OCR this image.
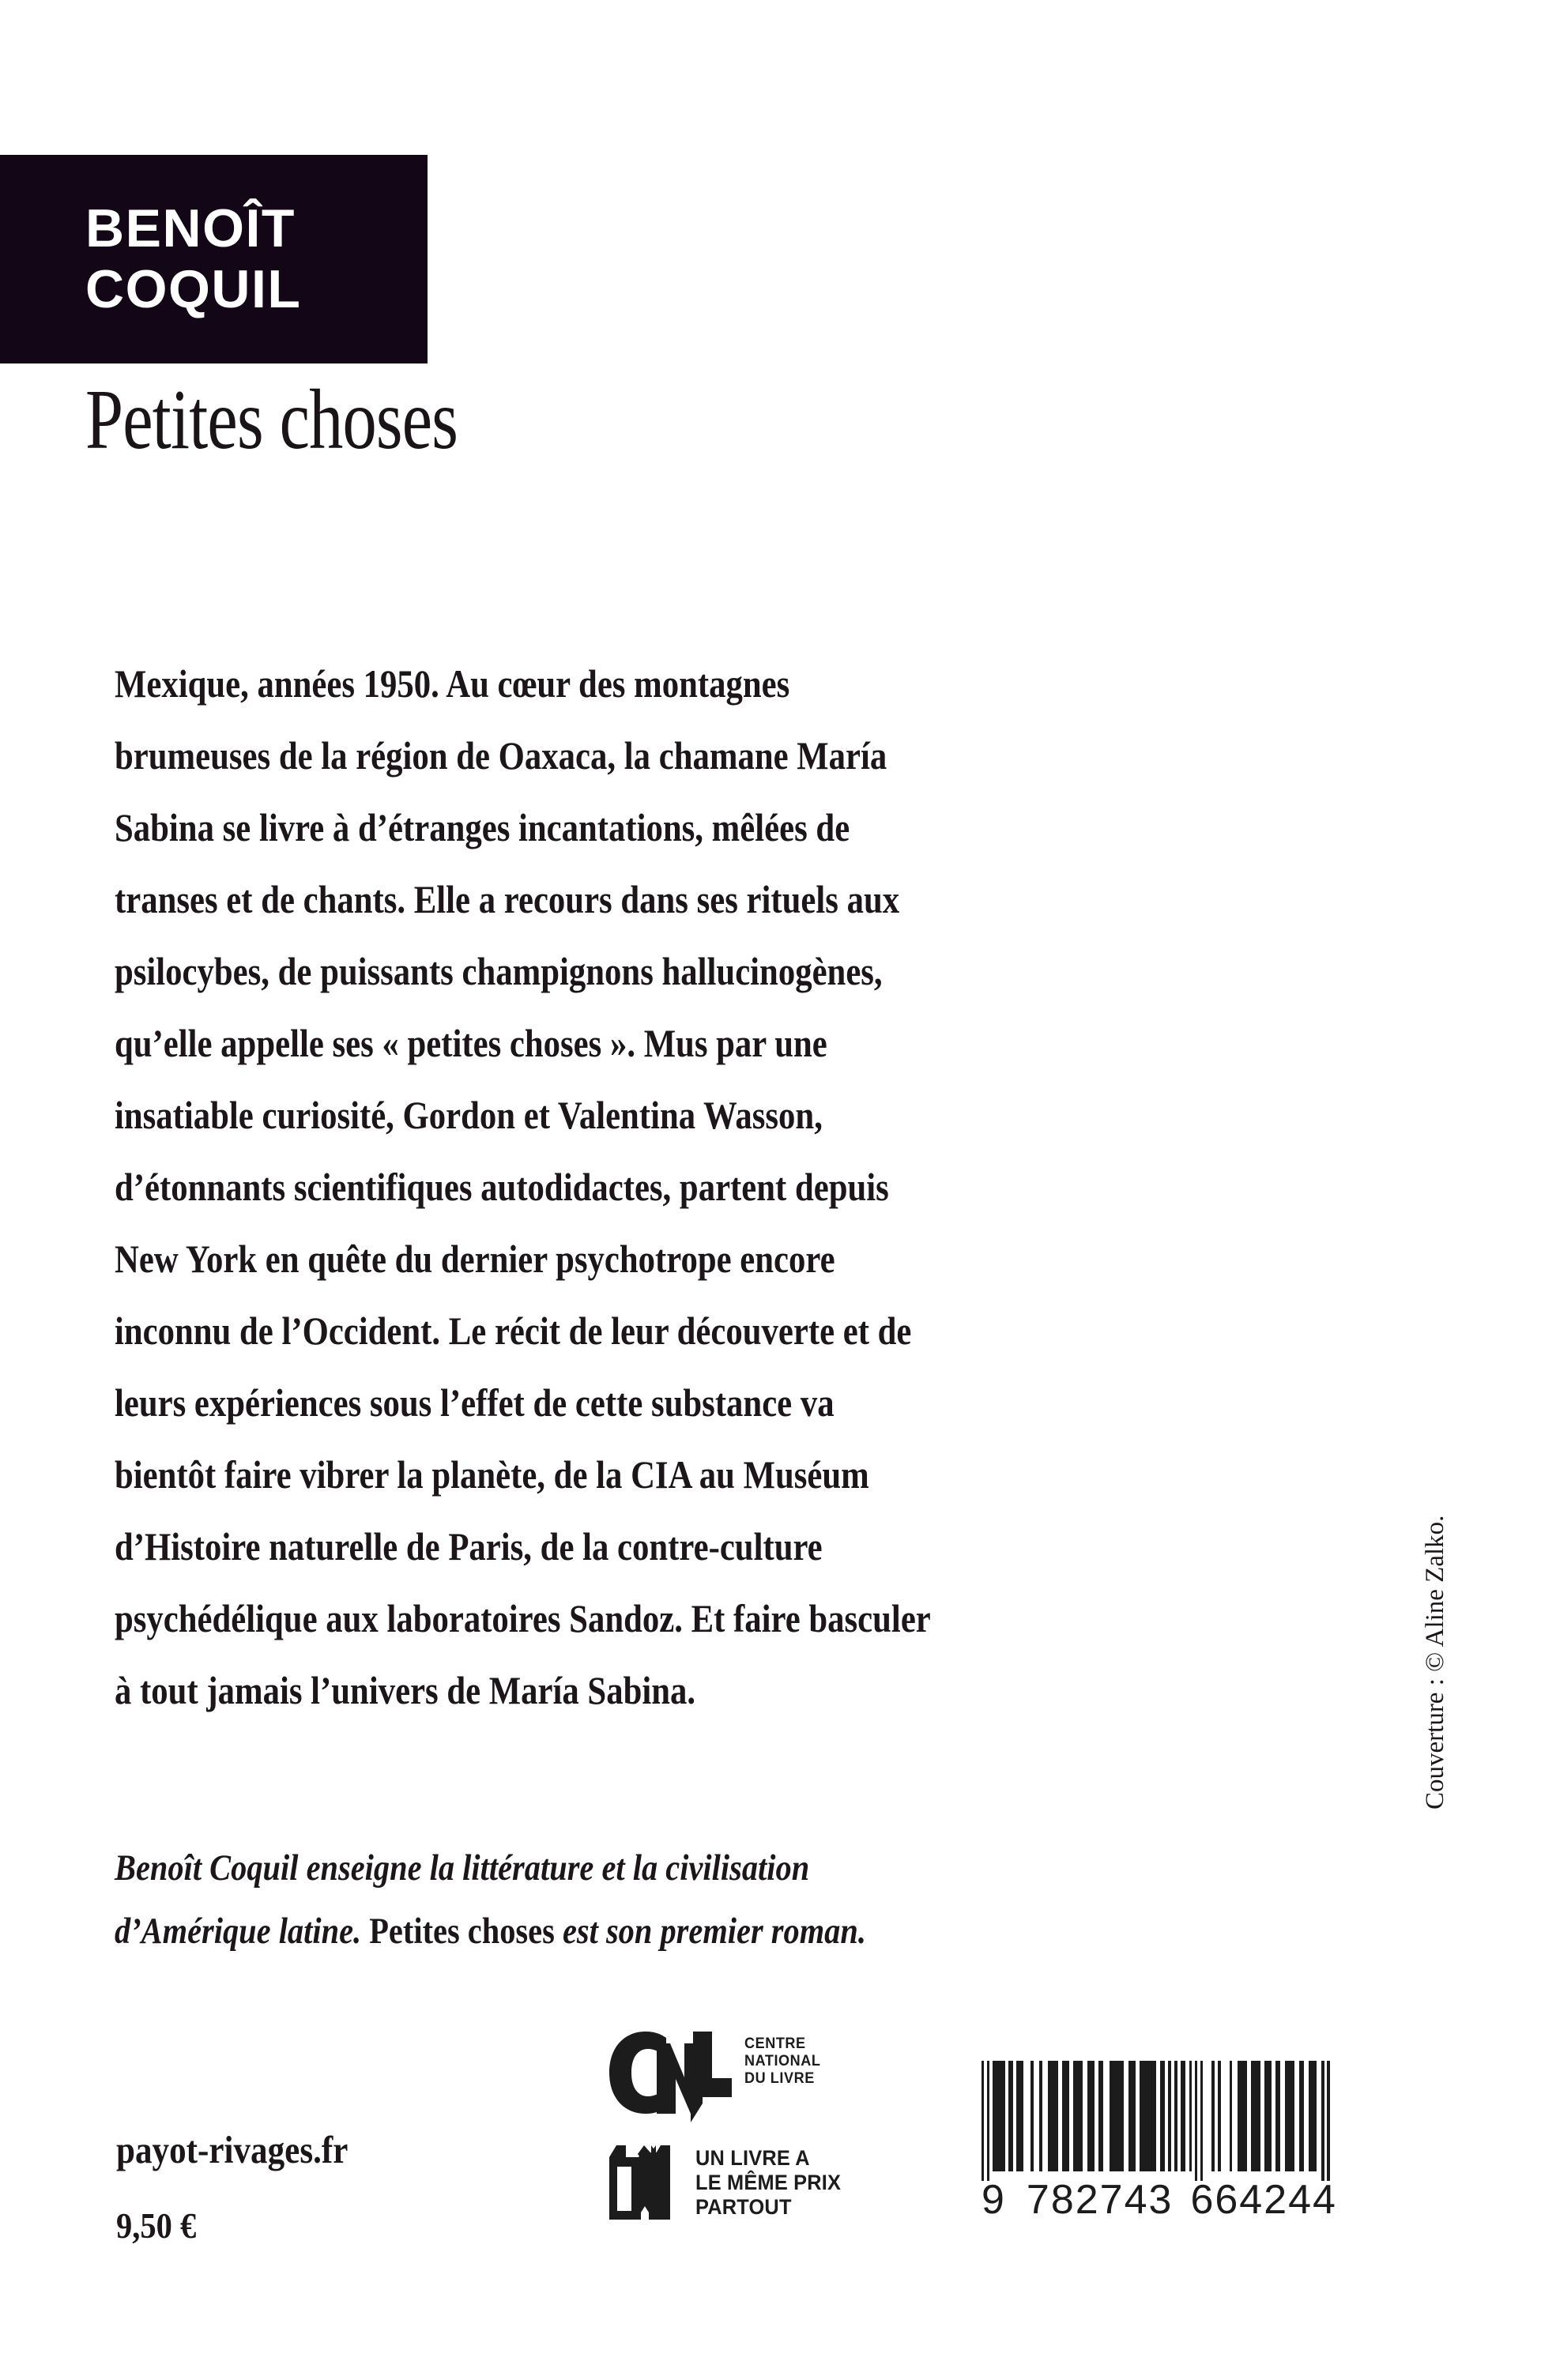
BENOÎT
COQUIL
Petites choses
Mexique, années 1950. Au cœur des montagnes
brumeuses de la région de Oaxaca, la chamane María
Sabina se livre à d’étranges incantations, mêlées de
transes et de chants. Elle a recours dans ses rituels aux
psilocybes, de puissants champignons hallucinogènes,
qu’elle appelle ses « petites choses ». Mus par une
insatiable curiosité, Gordon et Valentina Wasson,
d’étonnants scientifiques autodidactes, partent depuis
New York en quête du dernier psychotrope encore
inconnu de l’Occident. Le récit de leur découverte et de
leurs expériences sous l’effet de cette substance va
bientôt faire vibrer la planète, de la CIA au Muséum
d’Histoire naturelle de Paris, de la contre-culture
psychédélique aux laboratoires Sandoz. Et faire basculer
à tout jamais l’univers de María Sabina.
Benoît Coquil enseigne la littérature et la civilisation
d’Amérique latine. Petites choses est son premier roman.
payot-rivages.fr
9,50 €
CENTRE
NATIONAL
DU LIVRE
UN LIVRE A
LE MÊME PRIX
PARTOUT	9 782743 664244
Couverture : © Aline Zalko.
